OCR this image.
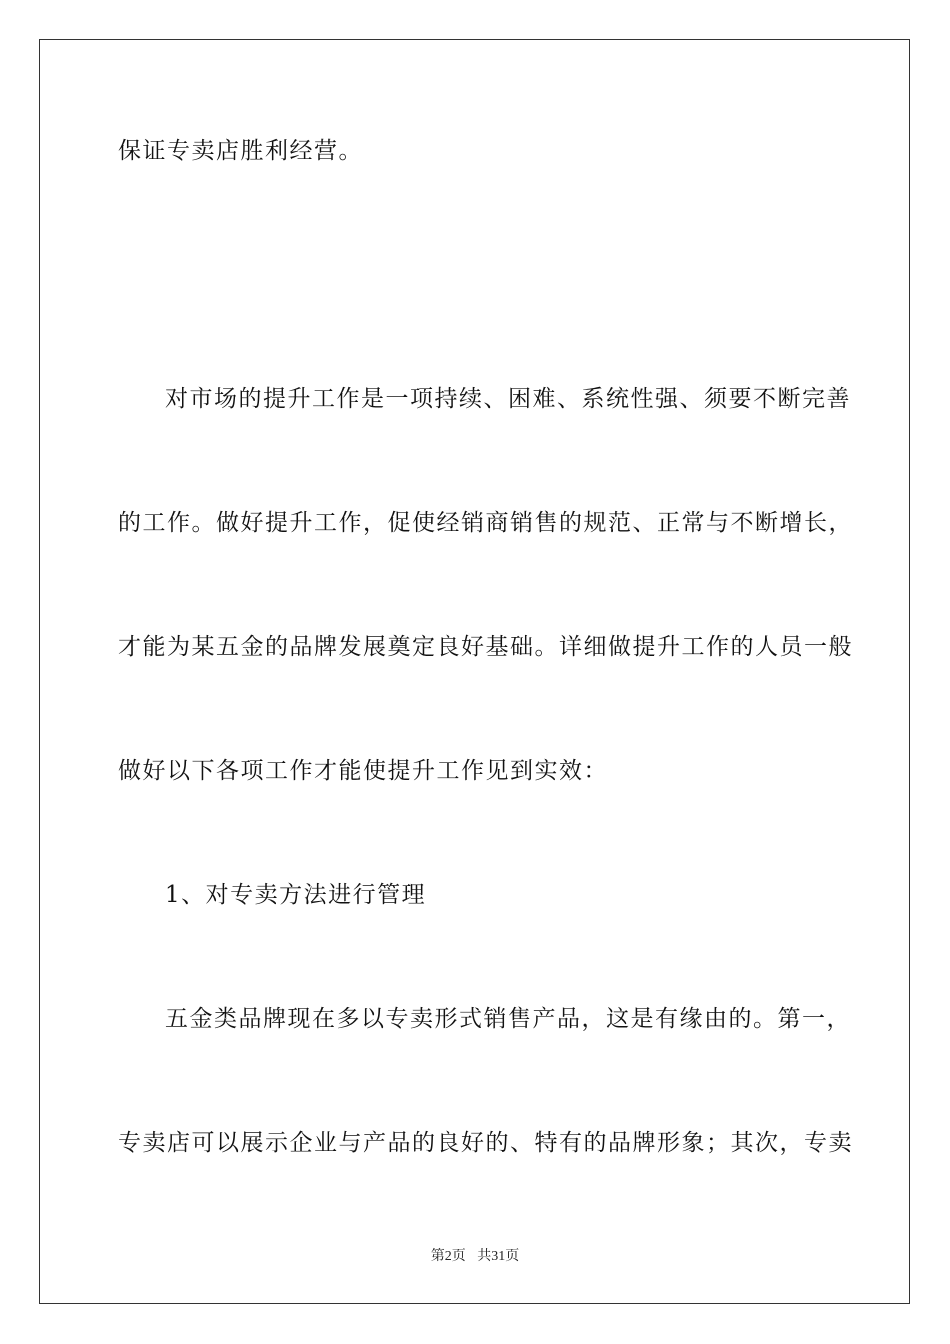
保证专卖店胜利经营。
对市场的提升工作是一项持续、困难、系统性强、须要不断完善
的工作。做好提升工作，促使经销商销售的规范、正常与不断增长，
才能为某五金的品牌发展奠定良好基础。详细做提升工作的人员一般
做好以下各项工作才能使提升工作见到实效：
1、对专卖方法进行管理
五金类品牌现在多以专卖形式销售产品，这是有缘由的。第一，
专卖店可以展示企业与产品的良好的、特有的品牌形象；其次，专卖
第2页 共31页
